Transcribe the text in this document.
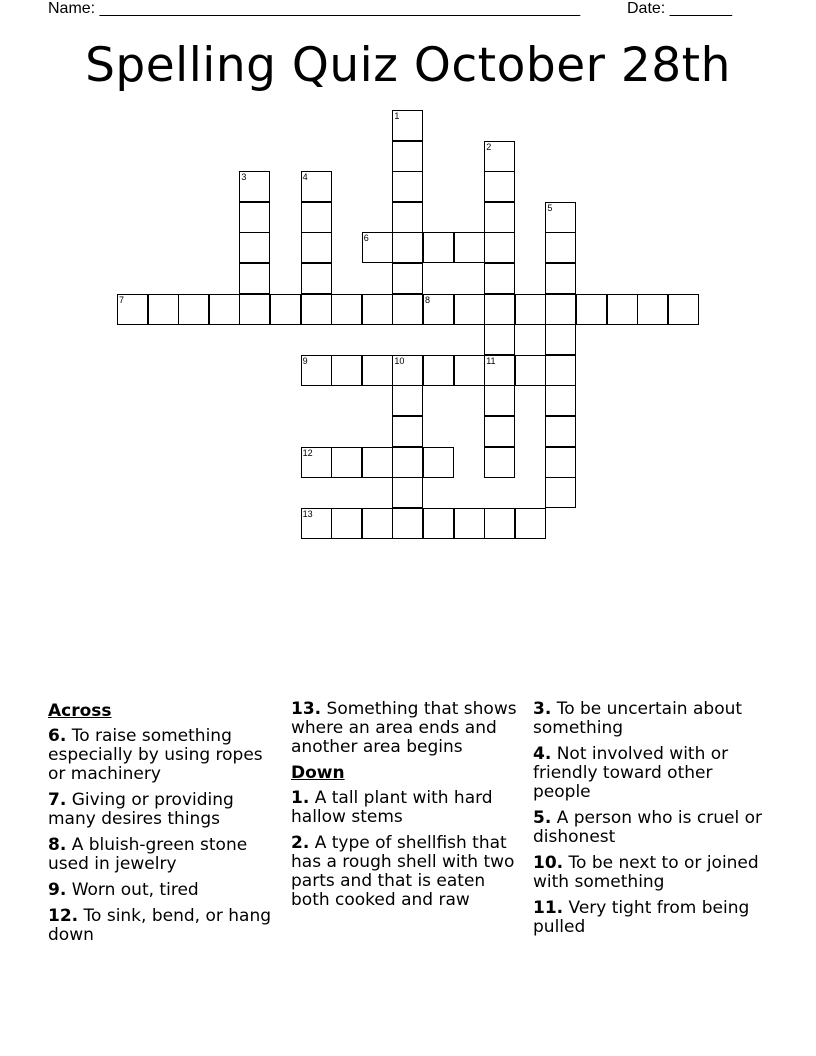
Name: ______________________________________________________	Date: _______
Spelling Quiz October 28th
6
7	8
9	10	11
12
13
1
2
3	4
5
Across
6. To raise something especially by using ropes or machinery
7. Giving or providing many desires things
8. A bluish-green stone used in jewelry
9. Worn out, tired
12. To sink, bend, or hang down
13. Something that shows where an area ends and another area begins
Down
1. A tall plant with hard hallow stems
2. A type of shellfish that has a rough shell with two parts and that is eaten both cooked and raw
3. To be uncertain about something
4. Not involved with or friendly toward other people
5. A person who is cruel or dishonest
10. To be next to or joined with something
11. Very tight from being pulled
